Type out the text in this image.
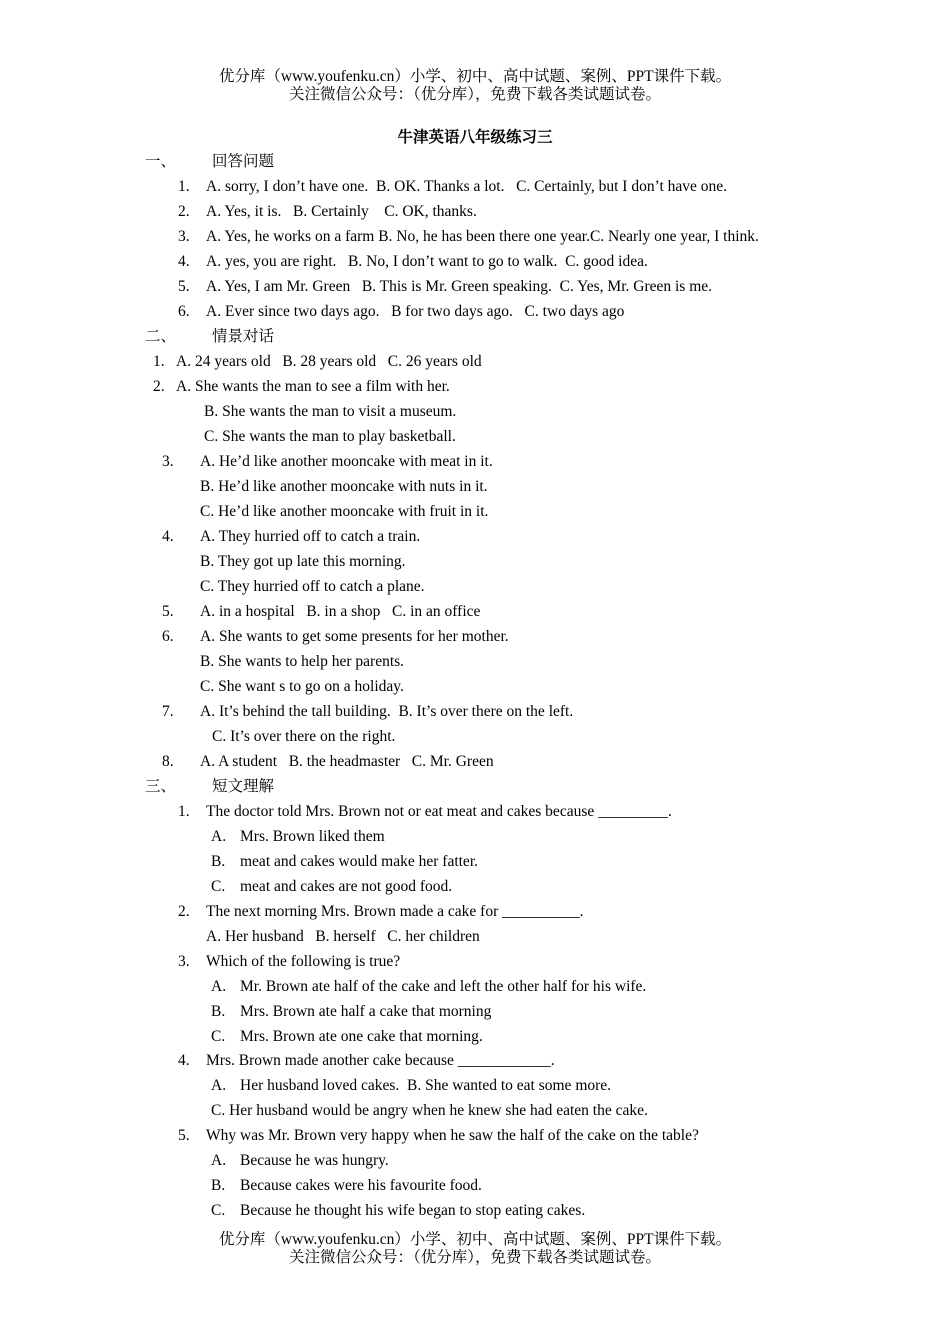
优分库（www.youfenku.cn）小学、初中、高中试题、案例、PPT课件下载。
关注微信公众号：（优分库），免费下载各类试题试卷。
牛津英语八年级练习三
一、 回答问题
1. A. sorry, I don’t have one.  B. OK. Thanks a lot.   C. Certainly, but I don’t have one.
2. A. Yes, it is.   B. Certainly    C. OK, thanks.
3. A. Yes, he works on a farm B. No, he has been there one year.C. Nearly one year, I think.
4. A. yes, you are right.   B. No, I don’t want to go to walk.  C. good idea.
5. A. Yes, I am Mr. Green   B. This is Mr. Green speaking.  C. Yes, Mr. Green is me.
6. A. Ever since two days ago.   B for two days ago.   C. two days ago
二、 情景对话
1. A. 24 years old   B. 28 years old   C. 26 years old
2. A. She wants the man to see a film with her.
B. She wants the man to visit a museum.
C. She wants the man to play basketball.
3. A. He’d like another mooncake with meat in it.
B. He’d like another mooncake with nuts in it.
C. He’d like another mooncake with fruit in it.
4. A. They hurried off to catch a train.
B. They got up late this morning.
C. They hurried off to catch a plane.
5. A. in a hospital   B. in a shop   C. in an office
6. A. She wants to get some presents for her mother.
B. She wants to help her parents.
C. She want s to go on a holiday.
7. A. It’s behind the tall building.  B. It’s over there on the left.
C. It’s over there on the right.
8. A. A student   B. the headmaster   C. Mr. Green
三、 短文理解
1. The doctor told Mrs. Brown not or eat meat and cakes because _________.
A. Mrs. Brown liked them
B. meat and cakes would make her fatter.
C. meat and cakes are not good food.
2. The next morning Mrs. Brown made a cake for __________.
A. Her husband   B. herself   C. her children
3. Which of the following is true?
A. Mr. Brown ate half of the cake and left the other half for his wife.
B. Mrs. Brown ate half a cake that morning
C. Mrs. Brown ate one cake that morning.
4. Mrs. Brown made another cake because ____________.
A. Her husband loved cakes.  B. She wanted to eat some more.
C. Her husband would be angry when he knew she had eaten the cake.
5. Why was Mr. Brown very happy when he saw the half of the cake on the table?
A. Because he was hungry.
B. Because cakes were his favourite food.
C. Because he thought his wife began to stop eating cakes.
优分库（www.youfenku.cn）小学、初中、高中试题、案例、PPT课件下载。
关注微信公众号：（优分库），免费下载各类试题试卷。
